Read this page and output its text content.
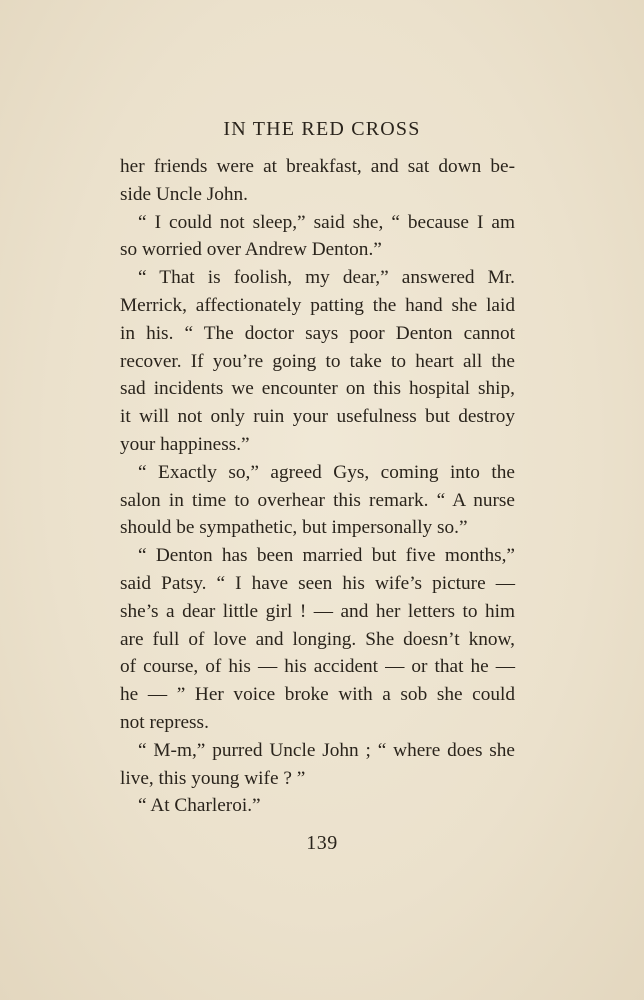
IN THE RED CROSS
her friends were at breakfast, and sat down be-
side Uncle John.
“ I could not sleep,” said she, “ because I am
so worried over Andrew Denton.”
“ That is foolish, my dear,” answered Mr.
Merrick, affectionately patting the hand she laid
in his. “ The doctor says poor Denton cannot
recover. If you’re going to take to heart all the
sad incidents we encounter on this hospital ship,
it will not only ruin your usefulness but destroy
your happiness.”
“ Exactly so,” agreed Gys, coming into the
salon in time to overhear this remark. “ A nurse
should be sympathetic, but impersonally so.”
“ Denton has been married but five months,”
said Patsy. “ I have seen his wife’s picture —
she’s a dear little girl ! — and her letters to him
are full of love and longing. She doesn’t know,
of course, of his — his accident — or that he —
he — ” Her voice broke with a sob she could
not repress.
“ M-m,” purred Uncle John ; “ where does she
live, this young wife ? ”
“ At Charleroi.”
139
